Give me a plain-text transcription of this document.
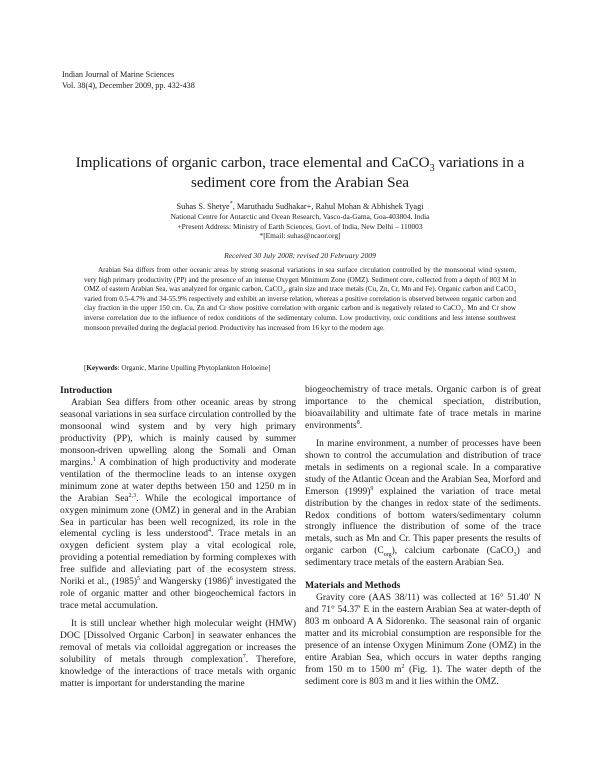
Indian Journal of Marine Sciences
Vol. 38(4), December 2009, pp. 432-438
Implications of organic carbon, trace elemental and CaCO$_3$ variations in a sediment core from the Arabian Sea
Suhas S. Shetye*, Maruthadu Sudhakar+, Rahul Mohan & Abhishek Tyagi
National Centre for Antarctic and Ocean Research, Vasco-da-Gama, Goa-403804, India
+Present Address: Ministry of Earth Sciences, Govt. of India, New Delhi – 110003
*[Email: suhas@ncaor.org]
Received 30 July 2008; revised 20 February 2009
Arabian Sea differs from other oceanic areas by strong seasonal variations in sea surface circulation controlled by the monsoonal wind system, very high primary productivity (PP) and the presence of an intense Oxygen Minimum Zone (OMZ). Sediment core, collected from a depth of 803 M in OMZ of eastern Arabian Sea, was analyzed for organic carbon, CaCO$_3$, grain size and trace metals (Cu, Zn, Cr, Mn and Fe). Organic carbon and CaCO$_3$ varied from 0.5-4.7% and 34-55.9% respectively and exhibit an inverse relation, whereas a positive correlation is observed between organic carbon and clay fraction in the upper 150 cm. Cu, Zn and Cr show positive correlation with organic carbon and is negatively related to CaCO$_3$. Mn and Cr show inverse correlation due to the influence of redox conditions of the sedimentary column. Low productivity, oxic conditions and less intense southwest monsoon prevailed during the deglacial period. Productivity has increased from 16 kyr to the modern age.
[Keywords: Organic, Marine Upulling Phytoplankton Holoeine]
Introduction

Arabian Sea differs from other oceanic areas by strong seasonal variations in sea surface circulation controlled by the monsoonal wind system and by very high primary productivity (PP), which is mainly caused by summer monsoon-driven upwelling along the Somali and Oman margins.$^1$ A combination of high productivity and moderate ventilation of the thermocline leads to an intense oxygen minimum zone at water depths between 150 and 1250 m in the Arabian Sea$^{2,3}$. While the ecological importance of oxygen minimum zone (OMZ) in general and in the Arabian Sea in particular has been well recognized, its role in the elemental cycling is less understood$^4$. Trace metals in an oxygen deficient system play a vital ecological role, providing a potential remediation by forming complexes with free sulfide and alleviating part of the ecosystem stress. Noriki et al., $(1985)^5$ and Wangersky $(1986)^6$ investigated the role of organic matter and other biogeochemical factors in trace metal accumulation.

It is still unclear whether high molecular weight (HMW) DOC [Dissolved Organic Carbon] in seawater enhances the removal of metals via colloidal aggregation or increases the solubility of metals through complexation$^7$. Therefore, knowledge of the interactions of trace metals with organic matter is important for understanding the marine

biogeochemistry of trace metals. Organic carbon is of great importance to the chemical speciation, distribution, bioavailability and ultimate fate of trace metals in marine environments$^8$.

In marine environment, a number of processes have been shown to control the accumulation and distribution of trace metals in sediments on a regional scale. In a comparative study of the Atlantic Ocean and the Arabian Sea, Morford and Emerson $(1999)^9$ explained the variation of trace metal distribution by the changes in redox state of the sediments. Redox conditions of bottom waters/sedimentary column strongly influence the distribution of some of the trace metals, such as Mn and Cr. This paper presents the results of organic carbon $(C_{org})$, calcium carbonate (CaCO$_3$) and sedimentary trace metals of the eastern Arabian Sea.

Materials and Methods

Gravity core (AAS 38/11) was collected at 16° 51.40' N and 71° 54.37' E in the eastern Arabian Sea at water-depth of 803 m onboard A A Sidorenko. The seasonal rain of organic matter and its microbial consumption are responsible for the presence of an intense Oxygen Minimum Zone (OMZ) in the entire Arabian Sea, which occurs in water depths ranging from 150 m to 1500 $m^2$ (Fig. 1). The water depth of the sediment core is 803 m and it lies within the OMZ.
